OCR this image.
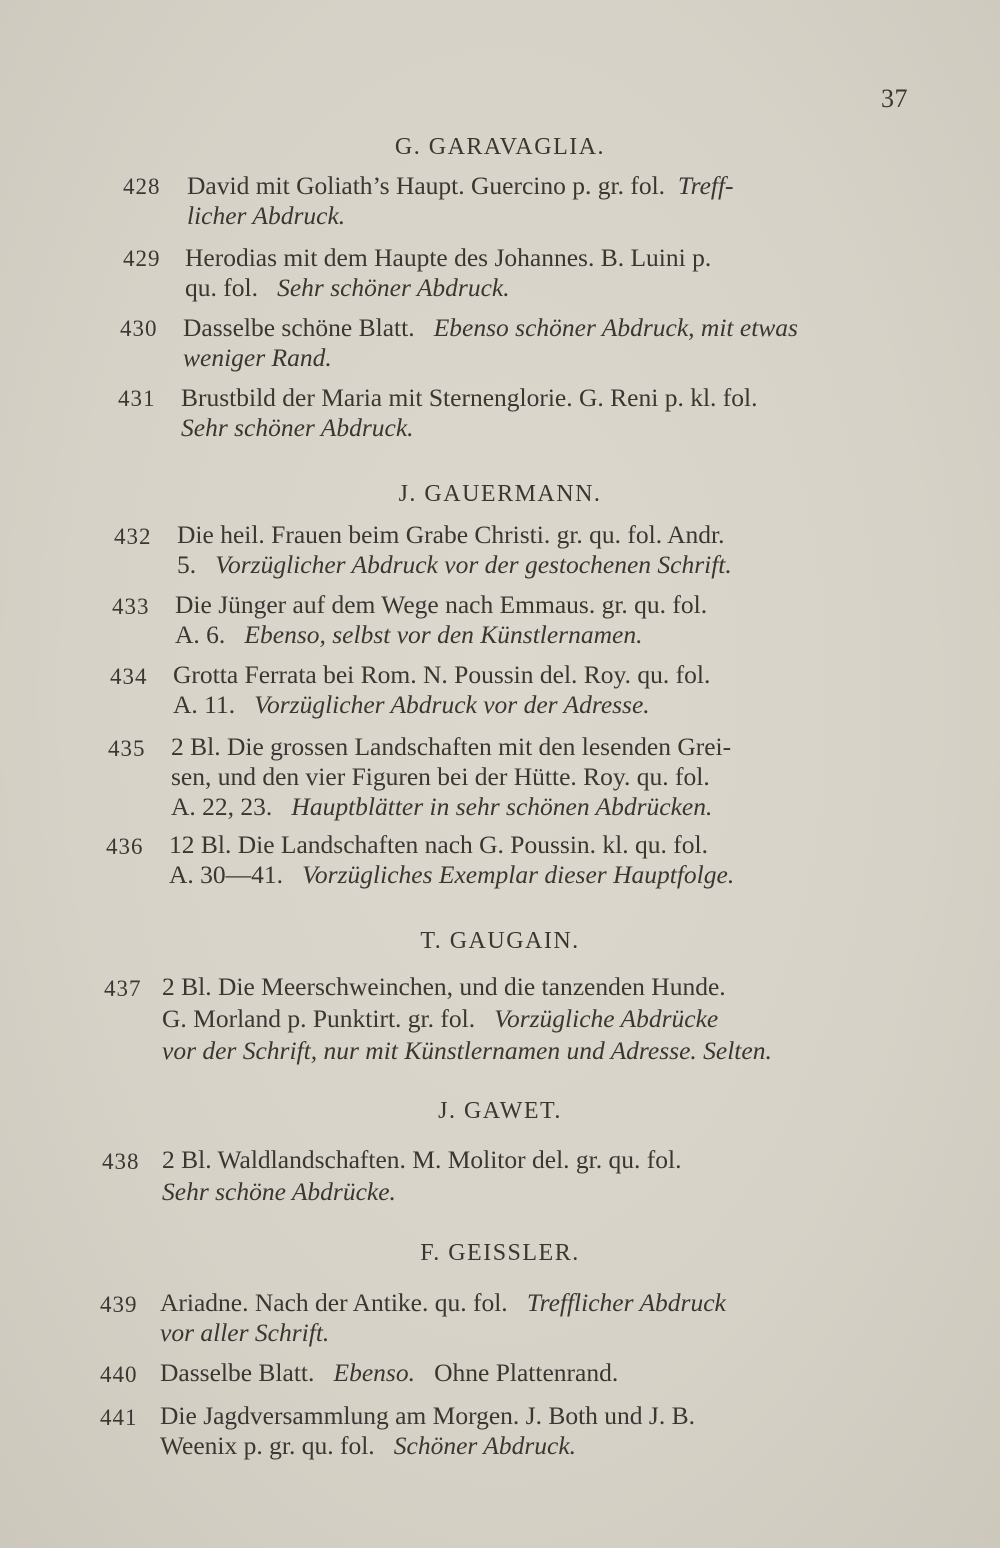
37
G. GARAVAGLIA.
428 David mit Goliath’s Haupt. Guercino p. gr. fol. Treff-
licher Abdruck.
429 Herodias mit dem Haupte des Johannes. B. Luini p.
qu. fol. Sehr schöner Abdruck.
430 Dasselbe schöne Blatt. Ebenso schöner Abdruck, mit etwas
weniger Rand.
431 Brustbild der Maria mit Sternenglorie. G. Reni p. kl. fol.
Sehr schöner Abdruck.
J. GAUERMANN.
432 Die heil. Frauen beim Grabe Christi. gr. qu. fol. Andr.
5. Vorzüglicher Abdruck vor der gestochenen Schrift.
433 Die Jünger auf dem Wege nach Emmaus. gr. qu. fol.
A. 6. Ebenso, selbst vor den Künstlernamen.
434 Grotta Ferrata bei Rom. N. Poussin del. Roy. qu. fol.
A. 11. Vorzüglicher Abdruck vor der Adresse.
435 2 Bl. Die grossen Landschaften mit den lesenden Grei-
sen, und den vier Figuren bei der Hütte. Roy. qu. fol.
A. 22, 23. Hauptblätter in sehr schönen Abdrücken.
436 12 Bl. Die Landschaften nach G. Poussin. kl. qu. fol.
A. 30—41. Vorzügliches Exemplar dieser Hauptfolge.
T. GAUGAIN.
437 2 Bl. Die Meerschweinchen, und die tanzenden Hunde.
G. Morland p. Punktirt. gr. fol. Vorzügliche Abdrücke
vor der Schrift, nur mit Künstlernamen und Adresse. Selten.
J. GAWET.
438 2 Bl. Waldlandschaften. M. Molitor del. gr. qu. fol.
Sehr schöne Abdrücke.
F. GEISSLER.
439 Ariadne. Nach der Antike. qu. fol. Trefflicher Abdruck
vor aller Schrift.
440 Dasselbe Blatt. Ebenso. Ohne Plattenrand.
441 Die Jagdversammlung am Morgen. J. Both und J. B.
Weenix p. gr. qu. fol. Schöner Abdruck.
